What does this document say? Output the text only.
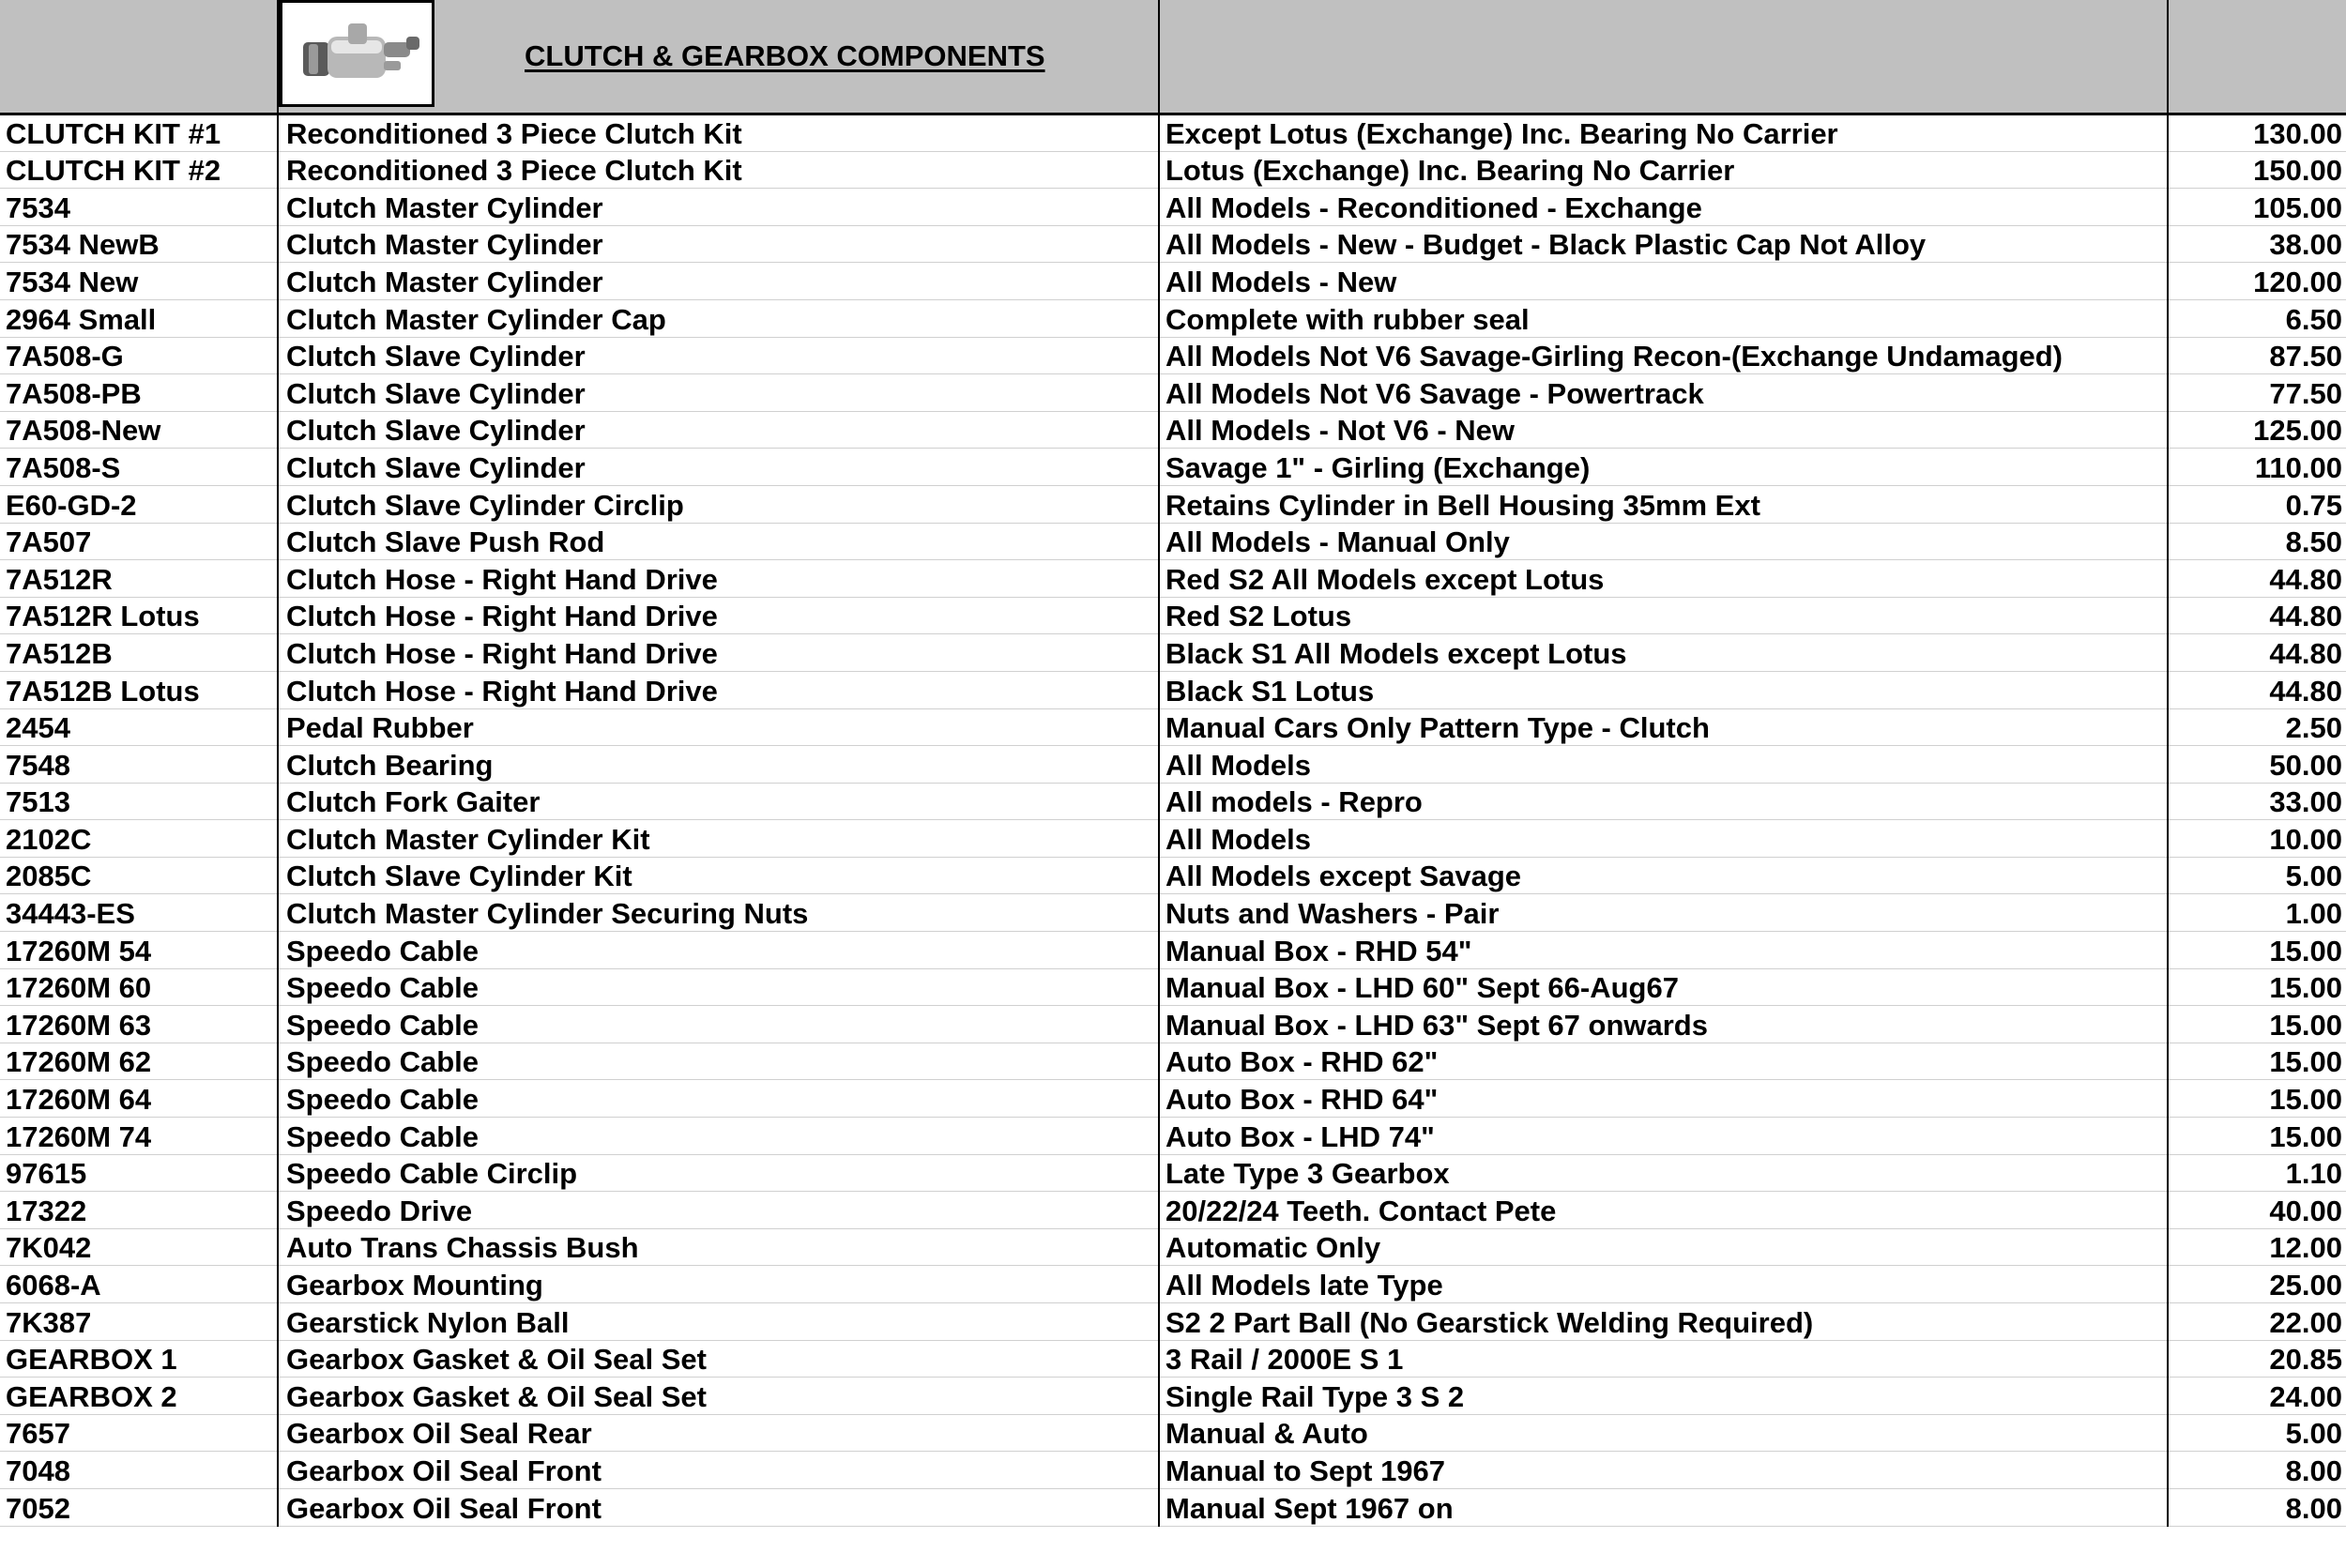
	CLUTCH & GEARBOX COMPONENTS		

CLUTCH KIT #1	Reconditioned 3 Piece Clutch Kit	Except Lotus (Exchange) Inc. Bearing No Carrier	130.00
CLUTCH KIT #2	Reconditioned 3 Piece Clutch Kit	Lotus (Exchange) Inc. Bearing No Carrier	150.00
7534	Clutch Master Cylinder	All Models - Reconditioned - Exchange	105.00
7534 NewB	Clutch Master Cylinder	All Models - New - Budget - Black Plastic Cap Not Alloy	38.00
7534 New	Clutch Master Cylinder	All Models - New	120.00
2964 Small	Clutch Master Cylinder Cap	Complete with rubber seal	6.50
7A508-G	Clutch Slave Cylinder	All Models Not V6 Savage-Girling Recon-(Exchange Undamaged)	87.50
7A508-PB	Clutch Slave Cylinder	All Models Not V6 Savage - Powertrack	77.50
7A508-New	Clutch Slave Cylinder	All Models - Not V6 - New	125.00
7A508-S	Clutch Slave Cylinder	Savage 1" - Girling (Exchange)	110.00
E60-GD-2	Clutch Slave Cylinder Circlip	Retains Cylinder in Bell Housing 35mm Ext	0.75
7A507	Clutch Slave Push Rod	All Models - Manual Only	8.50
7A512R	Clutch Hose - Right Hand Drive	Red S2 All Models except Lotus	44.80
7A512R Lotus	Clutch Hose - Right Hand Drive	Red S2 Lotus	44.80
7A512B	Clutch Hose - Right Hand Drive	Black S1 All Models except Lotus	44.80
7A512B Lotus	Clutch Hose - Right Hand Drive	Black S1 Lotus	44.80
2454	Pedal Rubber	Manual Cars Only Pattern Type - Clutch	2.50
7548	Clutch Bearing	All Models	50.00
7513	Clutch Fork Gaiter	All models - Repro	33.00
2102C	Clutch Master Cylinder Kit	All Models	10.00
2085C	Clutch Slave Cylinder Kit	All Models except Savage	5.00
34443-ES	Clutch Master Cylinder Securing Nuts	Nuts and Washers - Pair	1.00
17260M 54	Speedo Cable	Manual Box - RHD 54"	15.00
17260M 60	Speedo Cable	Manual Box - LHD 60" Sept 66-Aug67	15.00
17260M 63	Speedo Cable	Manual Box - LHD 63" Sept 67 onwards	15.00
17260M 62	Speedo Cable	Auto Box - RHD 62"	15.00
17260M 64	Speedo Cable	Auto Box - RHD 64"	15.00
17260M 74	Speedo Cable	Auto Box - LHD 74"	15.00
97615	Speedo Cable Circlip	Late Type 3 Gearbox	1.10
17322	Speedo Drive	20/22/24 Teeth. Contact Pete	40.00
7K042	Auto Trans Chassis Bush	Automatic Only	12.00
6068-A	Gearbox Mounting	All Models late Type	25.00
7K387	Gearstick Nylon Ball	S2 2 Part Ball (No Gearstick Welding Required)	22.00
GEARBOX 1	Gearbox Gasket & Oil Seal Set	3 Rail / 2000E S 1	20.85
GEARBOX 2	Gearbox Gasket & Oil Seal Set	Single Rail Type 3 S 2	24.00
7657	Gearbox Oil Seal Rear	Manual & Auto	5.00
7048	Gearbox Oil Seal Front	Manual to Sept 1967	8.00
7052	Gearbox Oil Seal Front	Manual Sept 1967 on	8.00
